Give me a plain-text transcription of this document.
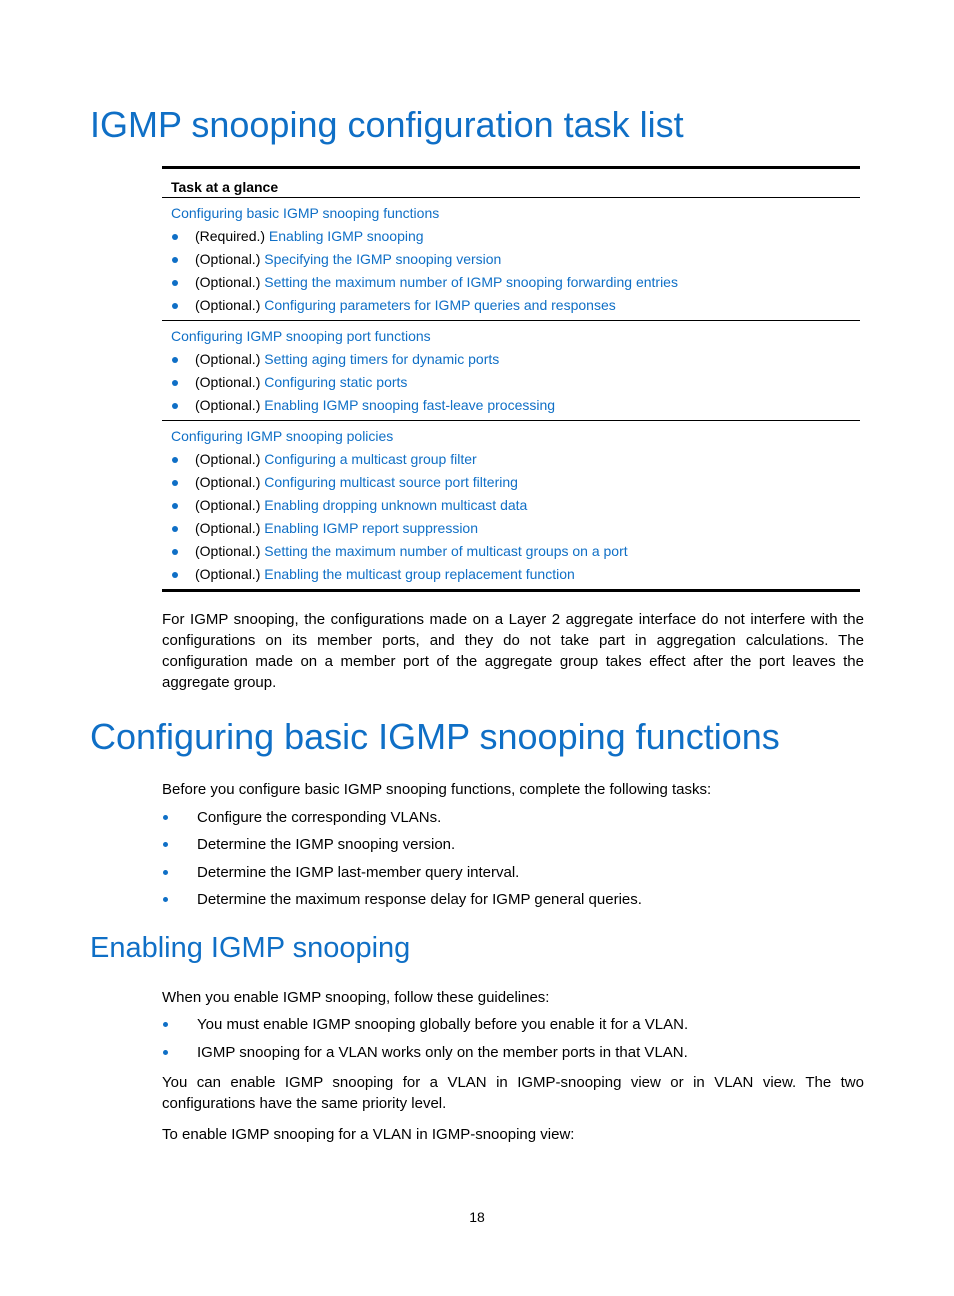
IGMP snooping configuration task list
Task at a glance
Configuring basic IGMP snooping functions
(Required.) Enabling IGMP snooping
(Optional.) Specifying the IGMP snooping version
(Optional.) Setting the maximum number of IGMP snooping forwarding entries
(Optional.) Configuring parameters for IGMP queries and responses
Configuring IGMP snooping port functions
(Optional.) Setting aging timers for dynamic ports
(Optional.) Configuring static ports
(Optional.) Enabling IGMP snooping fast-leave processing
Configuring IGMP snooping policies
(Optional.) Configuring a multicast group filter
(Optional.) Configuring multicast source port filtering
(Optional.) Enabling dropping unknown multicast data
(Optional.) Enabling IGMP report suppression
(Optional.) Setting the maximum number of multicast groups on a port
(Optional.) Enabling the multicast group replacement function

For IGMP snooping, the configurations made on a Layer 2 aggregate interface do not interfere with the configurations on its member ports, and they do not take part in aggregation calculations. The configuration made on a member port of the aggregate group takes effect after the port leaves the aggregate group.

Configuring basic IGMP snooping functions

Before you configure basic IGMP snooping functions, complete the following tasks:

Configure the corresponding VLANs.
Determine the IGMP snooping version.
Determine the IGMP last-member query interval.
Determine the maximum response delay for IGMP general queries.
Enabling IGMP snooping

When you enable IGMP snooping, follow these guidelines:

You must enable IGMP snooping globally before you enable it for a VLAN.
IGMP snooping for a VLAN works only on the member ports in that VLAN.

You can enable IGMP snooping for a VLAN in IGMP-snooping view or in VLAN view. The two configurations have the same priority level.

To enable IGMP snooping for a VLAN in IGMP-snooping view:

18
